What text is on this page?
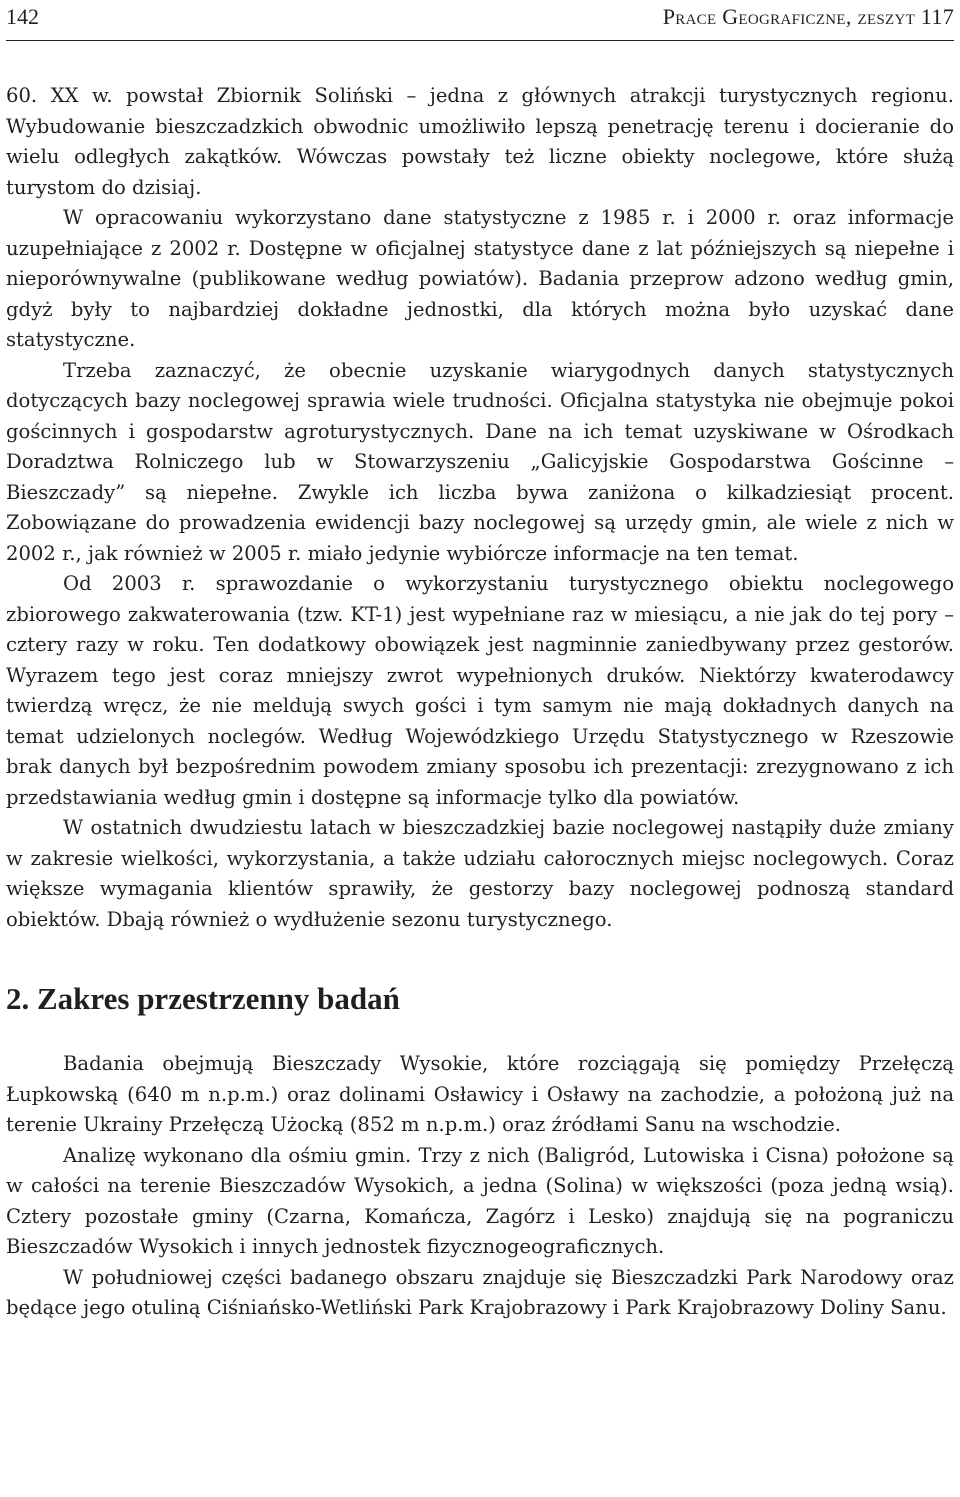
142	Prace Geograficzne, zeszyt 117

60. XX w. powstał Zbiornik Soliński – jedna z głównych atrakcji turystycznych regionu. Wybudowanie bieszczadzkich obwodnic umożliwiło lepszą penetrację terenu i docieranie do wielu odległych zakątków. Wówczas powstały też liczne obiekty noclegowe, które służą turystom do dzisiaj.

W opracowaniu wykorzystano dane statystyczne z 1985 r. i 2000 r. oraz informacje uzupełniające z 2002 r. Dostępne w oficjalnej statystyce dane z lat późniejszych są niepełne i nieporównywalne (publikowane według powiatów). Badania przeprow adzono według gmin, gdyż były to najbardziej dokładne jednostki, dla których można było uzyskać dane statystyczne.

Trzeba zaznaczyć, że obecnie uzyskanie wiarygodnych danych statystycznych dotyczących bazy noclegowej sprawia wiele trudności. Oficjalna statystyka nie obejmuje pokoi gościnnych i gospodarstw agroturystycznych. Dane na ich temat uzyskiwane w Ośrodkach Doradztwa Rolniczego lub w Stowarzyszeniu „Galicyjskie Gospodarstwa Gościnne – Bieszczady” są niepełne. Zwykle ich liczba bywa zaniżona o kilkadziesiąt procent. Zobowiązane do prowadzenia ewidencji bazy noclegowej są urzędy gmin, ale wiele z nich w 2002 r., jak również w 2005 r. miało jedynie wybiórcze informacje na ten temat.

Od 2003 r. sprawozdanie o wykorzystaniu turystycznego obiektu noclegowego zbiorowego zakwaterowania (tzw. KT-1) jest wypełniane raz w miesiącu, a nie jak do tej pory – cztery razy w roku. Ten dodatkowy obowiązek jest nagminnie zaniedbywany przez gestorów. Wyrazem tego jest coraz mniejszy zwrot wypełnionych druków. Niektórzy kwaterodawcy twierdzą wręcz, że nie meldują swych gości i tym samym nie mają dokładnych danych na temat udzielonych noclegów. Według Wojewódzkiego Urzędu Statystycznego w Rzeszowie brak danych był bezpośrednim powodem zmiany sposobu ich prezentacji: zrezygnowano z ich przedstawiania według gmin i dostępne są informacje tylko dla powiatów.

W ostatnich dwudziestu latach w bieszczadzkiej bazie noclegowej nastąpiły duże zmiany w zakresie wielkości, wykorzystania, a także udziału całorocznych miejsc noclegowych. Coraz większe wymagania klientów sprawiły, że gestorzy bazy noclegowej podnoszą standard obiektów. Dbają również o wydłużenie sezonu turystycznego.

2. Zakres przestrzenny badań

Badania obejmują Bieszczady Wysokie, które rozciągają się pomiędzy Przełęczą Łupkowską (640 m n.p.m.) oraz dolinami Osławicy i Osławy na zachodzie, a położoną już na terenie Ukrainy Przełęczą Użocką (852 m n.p.m.) oraz źródłami Sanu na wschodzie.

Analizę wykonano dla ośmiu gmin. Trzy z nich (Baligród, Lutowiska i Cisna) położone są w całości na terenie Bieszczadów Wysokich, a jedna (Solina) w większości (poza jedną wsią). Cztery pozostałe gminy (Czarna, Komańcza, Zagórz i Lesko) znajdują się na pograniczu Bieszczadów Wysokich i innych jednostek fizycznogeograficznych.

W południowej części badanego obszaru znajduje się Bieszczadzki Park Narodowy oraz będące jego otuliną Ciśniańsko-Wetliński Park Krajobrazowy i Park Krajobrazowy Doliny Sanu.
